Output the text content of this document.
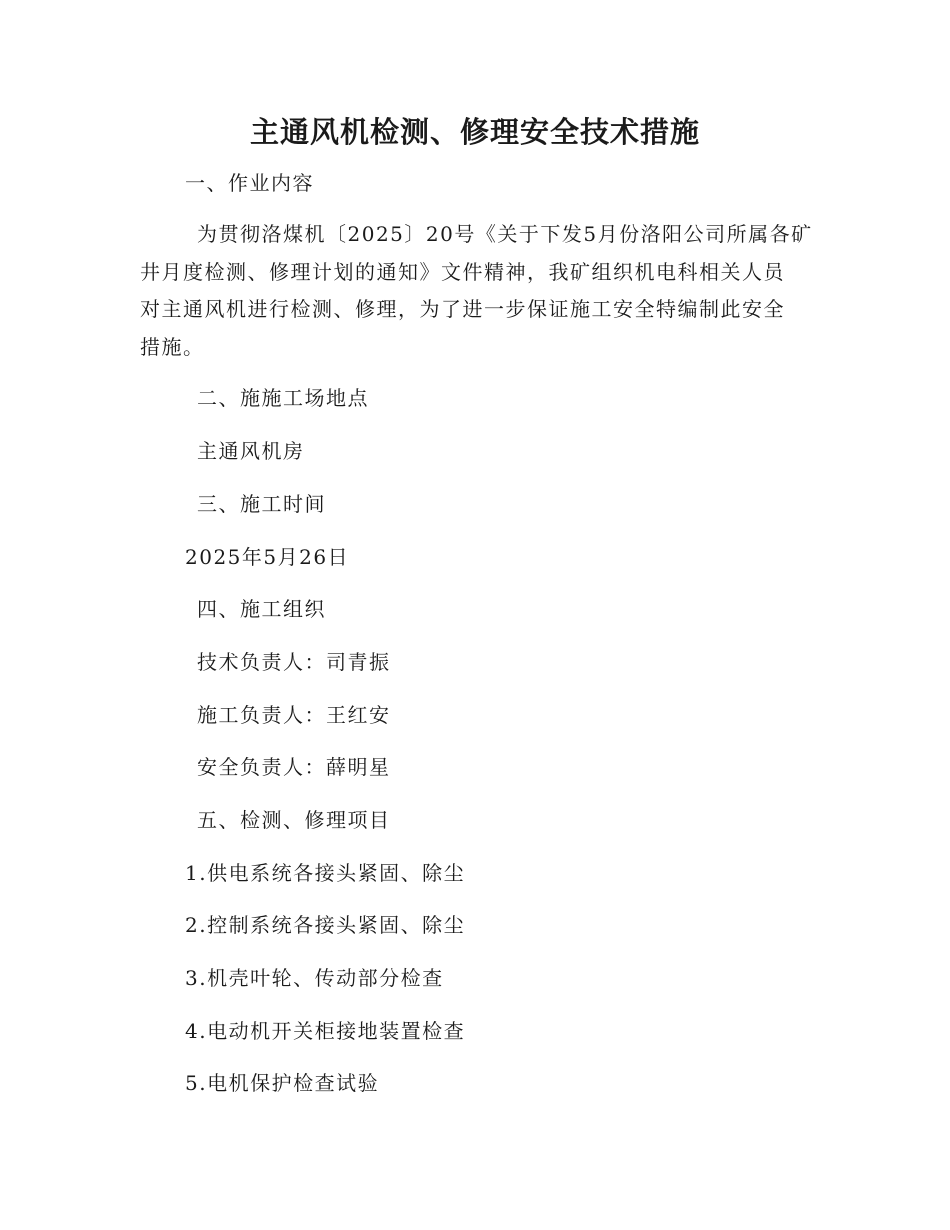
主通风机检测、修理安全技术措施
一、作业内容
为贯彻洛煤机〔2025〕20号《关于下发5月份洛阳公司所属各矿
井月度检测、修理计划的通知》文件精神，我矿组织机电科相关人员
对主通风机进行检测、修理，为了进一步保证施工安全特编制此安全
措施。
二、施施工场地点
主通风机房
三、施工时间
2025年5月26日
四、施工组织
技术负责人：司青振
施工负责人：王红安
安全负责人：薛明星
五、检测、修理项目
1.供电系统各接头紧固、除尘
2.控制系统各接头紧固、除尘
3.机壳叶轮、传动部分检查
4.电动机开关柜接地装置检查
5.电机保护检查试验
